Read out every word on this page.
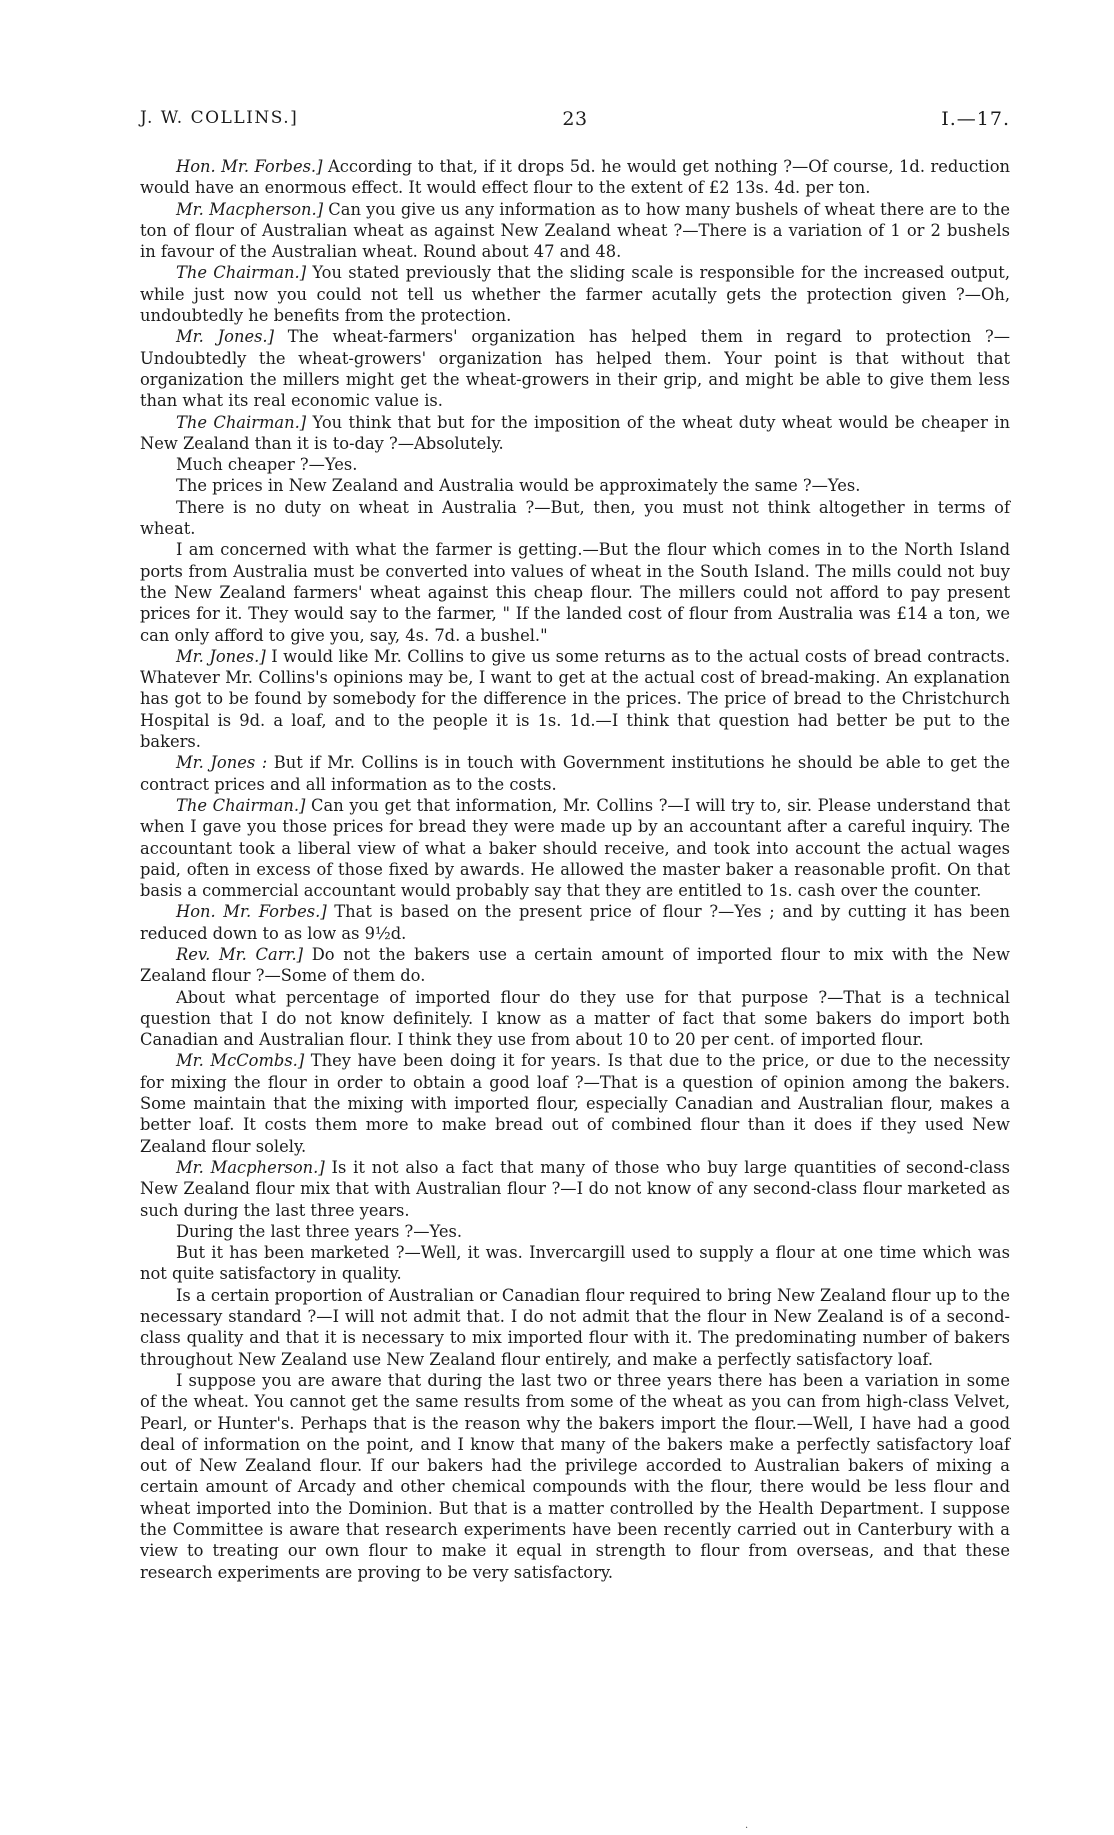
J. W. COLLINS.]	23	I.—17.

Hon. Mr. Forbes.] According to that, if it drops 5d. he would get nothing ?—Of course, 1d. reduction would have an enormous effect. It would effect flour to the extent of £2 13s. 4d. per ton.

Mr. Macpherson.] Can you give us any information as to how many bushels of wheat there are to the ton of flour of Australian wheat as against New Zealand wheat ?—There is a variation of 1 or 2 bushels in favour of the Australian wheat. Round about 47 and 48.

The Chairman.] You stated previously that the sliding scale is responsible for the increased output, while just now you could not tell us whether the farmer acutally gets the protection given ?—Oh, undoubtedly he benefits from the protection.

Mr. Jones.] The wheat-farmers' organization has helped them in regard to protection ?—Undoubtedly the wheat-growers' organization has helped them. Your point is that without that organization the millers might get the wheat-growers in their grip, and might be able to give them less than what its real economic value is.

The Chairman.] You think that but for the imposition of the wheat duty wheat would be cheaper in New Zealand than it is to-day ?—Absolutely.

Much cheaper ?—Yes.

The prices in New Zealand and Australia would be approximately the same ?—Yes.

There is no duty on wheat in Australia ?—But, then, you must not think altogether in terms of wheat.

I am concerned with what the farmer is getting.—But the flour which comes in to the North Island ports from Australia must be converted into values of wheat in the South Island. The mills could not buy the New Zealand farmers' wheat against this cheap flour. The millers could not afford to pay present prices for it. They would say to the farmer, " If the landed cost of flour from Australia was £14 a ton, we can only afford to give you, say, 4s. 7d. a bushel."

Mr. Jones.] I would like Mr. Collins to give us some returns as to the actual costs of bread contracts. Whatever Mr. Collins's opinions may be, I want to get at the actual cost of bread-making. An explanation has got to be found by somebody for the difference in the prices. The price of bread to the Christchurch Hospital is 9d. a loaf, and to the people it is 1s. 1d.—I think that question had better be put to the bakers.

Mr. Jones : But if Mr. Collins is in touch with Government institutions he should be able to get the contract prices and all information as to the costs.

The Chairman.] Can you get that information, Mr. Collins ?—I will try to, sir. Please understand that when I gave you those prices for bread they were made up by an accountant after a careful inquiry. The accountant took a liberal view of what a baker should receive, and took into account the actual wages paid, often in excess of those fixed by awards. He allowed the master baker a reasonable profit. On that basis a commercial accountant would probably say that they are entitled to 1s. cash over the counter.

Hon. Mr. Forbes.] That is based on the present price of flour ?—Yes ; and by cutting it has been reduced down to as low as 9½d.

Rev. Mr. Carr.] Do not the bakers use a certain amount of imported flour to mix with the New Zealand flour ?—Some of them do.

About what percentage of imported flour do they use for that purpose ?—That is a technical question that I do not know definitely. I know as a matter of fact that some bakers do import both Canadian and Australian flour. I think they use from about 10 to 20 per cent. of imported flour.

Mr. McCombs.] They have been doing it for years. Is that due to the price, or due to the necessity for mixing the flour in order to obtain a good loaf ?—That is a question of opinion among the bakers. Some maintain that the mixing with imported flour, especially Canadian and Australian flour, makes a better loaf. It costs them more to make bread out of combined flour than it does if they used New Zealand flour solely.

Mr. Macpherson.] Is it not also a fact that many of those who buy large quantities of second-class New Zealand flour mix that with Australian flour ?—I do not know of any second-class flour marketed as such during the last three years.

During the last three years ?—Yes.

But it has been marketed ?—Well, it was. Invercargill used to supply a flour at one time which was not quite satisfactory in quality.

Is a certain proportion of Australian or Canadian flour required to bring New Zealand flour up to the necessary standard ?—I will not admit that. I do not admit that the flour in New Zealand is of a second-class quality and that it is necessary to mix imported flour with it. The predominating number of bakers throughout New Zealand use New Zealand flour entirely, and make a perfectly satisfactory loaf.

I suppose you are aware that during the last two or three years there has been a variation in some of the wheat. You cannot get the same results from some of the wheat as you can from high-class Velvet, Pearl, or Hunter's. Perhaps that is the reason why the bakers import the flour.—Well, I have had a good deal of information on the point, and I know that many of the bakers make a perfectly satisfactory loaf out of New Zealand flour. If our bakers had the privilege accorded to Australian bakers of mixing a certain amount of Arcady and other chemical compounds with the flour, there would be less flour and wheat imported into the Dominion. But that is a matter controlled by the Health Department. I suppose the Committee is aware that research experiments have been recently carried out in Canterbury with a view to treating our own flour to make it equal in strength to flour from overseas, and that these research experiments are proving to be very satisfactory.

·
